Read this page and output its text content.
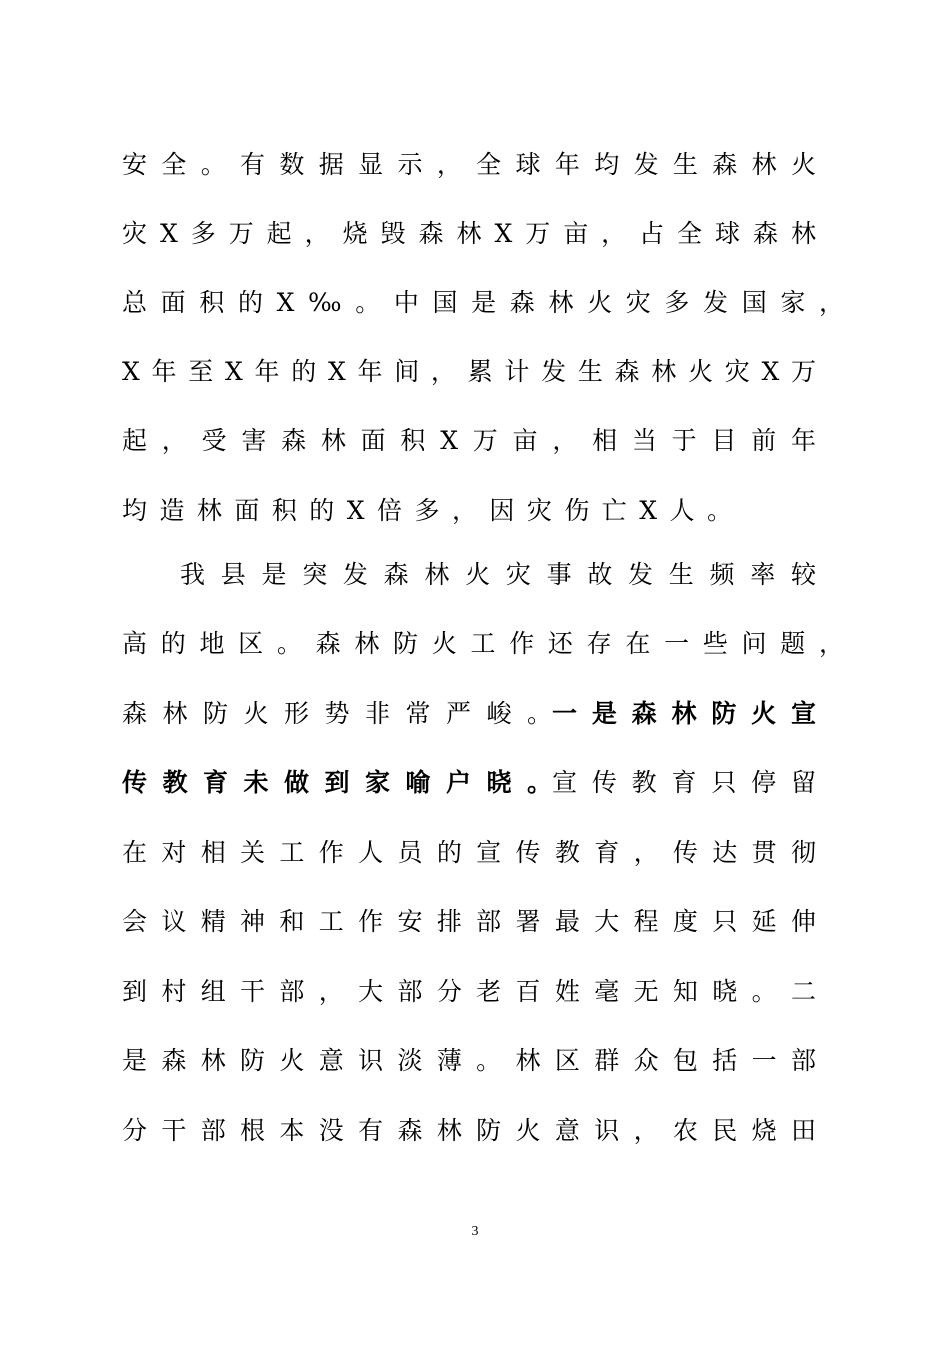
安全。有数据显示，全球年均发生森林火
灾X多万起，烧毁森林X万亩，占全球森林
总面积的X‰。中国是森林火灾多发国家，
X年至X年的X年间，累计发生森林火灾X万
起，受害森林面积X万亩，相当于目前年
均造林面积的X倍多，因灾伤亡X人。
我县是突发森林火灾事故发生频率较
高的地区。森林防火工作还存在一些问题，
森林防火形势非常严峻。一是森林防火宣
传教育未做到家喻户晓。宣传教育只停留
在对相关工作人员的宣传教育，传达贯彻
会议精神和工作安排部署最大程度只延伸
到村组干部，大部分老百姓毫无知晓。二
是森林防火意识淡薄。林区群众包括一部
分干部根本没有森林防火意识，农民烧田
3
